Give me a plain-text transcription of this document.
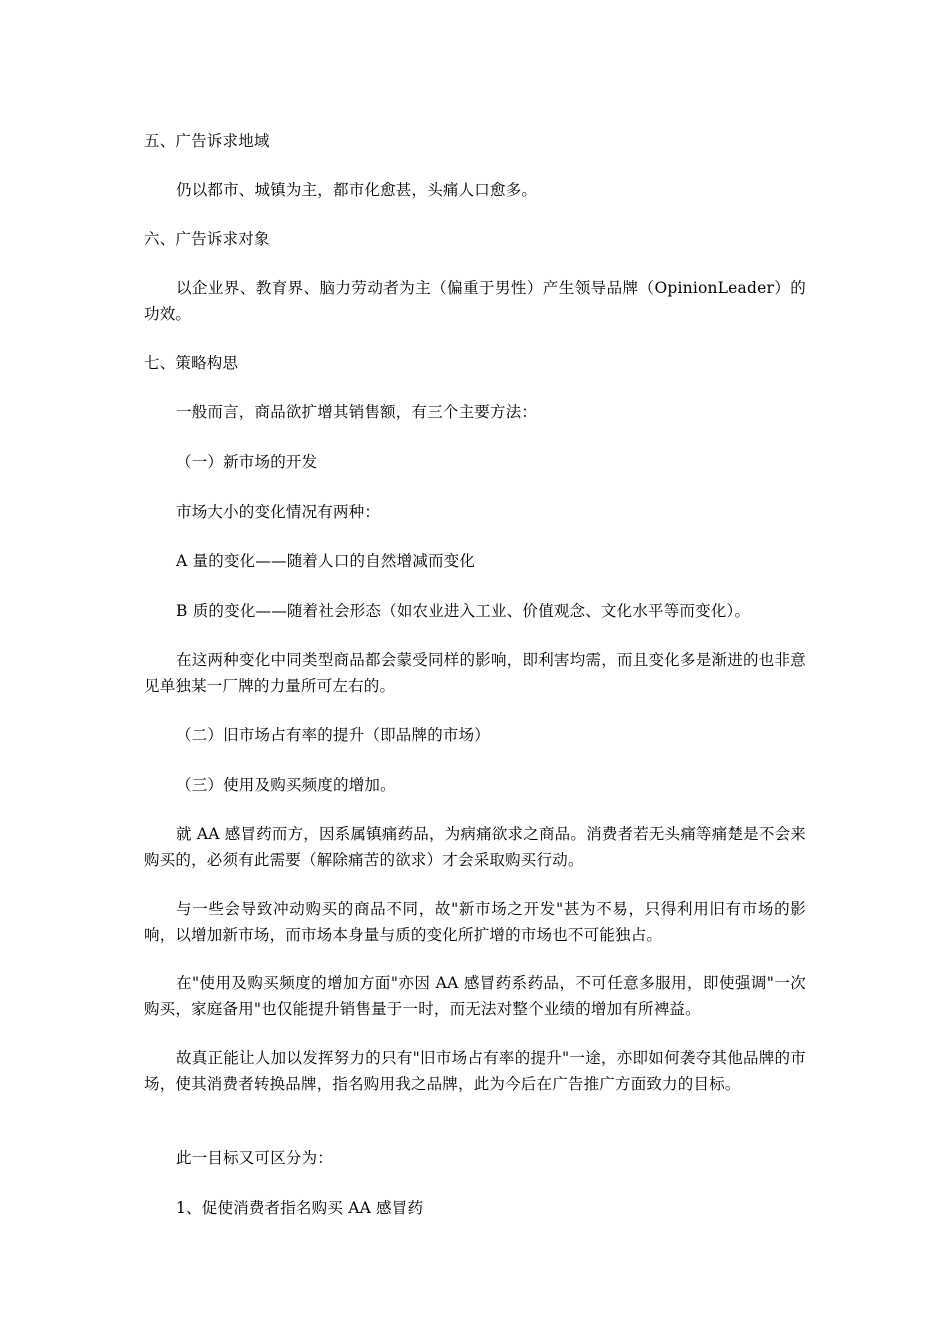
五、广告诉求地域

仍以都市、城镇为主，都市化愈甚，头痛人口愈多。

六、广告诉求对象

以企业界、教育界、脑力劳动者为主（偏重于男性）产生领导品牌（OpinionLeader）的功效。

七、策略构思

一般而言，商品欲扩增其销售额，有三个主要方法：

（一）新市场的开发

市场大小的变化情况有两种：

A 量的变化——随着人口的自然增减而变化

B 质的变化——随着社会形态（如农业进入工业、价值观念、文化水平等而变化）。

在这两种变化中同类型商品都会蒙受同样的影响，即利害均需，而且变化多是渐进的也非意见单独某一厂牌的力量所可左右的。

（二）旧市场占有率的提升（即品牌的市场）

（三）使用及购买频度的增加。

就 AA 感冒药而方，因系属镇痛药品，为病痛欲求之商品。消费者若无头痛等痛楚是不会来购买的，必须有此需要（解除痛苦的欲求）才会采取购买行动。

与一些会导致冲动购买的商品不同，故"新市场之开发"甚为不易，只得利用旧有市场的影响，以增加新市场，而市场本身量与质的变化所扩增的市场也不可能独占。

在"使用及购买频度的增加方面"亦因 AA 感冒药系药品，不可任意多服用，即使强调"一次购买，家庭备用"也仅能提升销售量于一时，而无法对整个业绩的增加有所裨益。

故真正能让人加以发挥努力的只有"旧市场占有率的提升"一途，亦即如何袭夺其他品牌的市场，使其消费者转换品牌，指名购用我之品牌，此为今后在广告推广方面致力的目标。

此一目标又可区分为：

1、促使消费者指名购买 AA 感冒药
